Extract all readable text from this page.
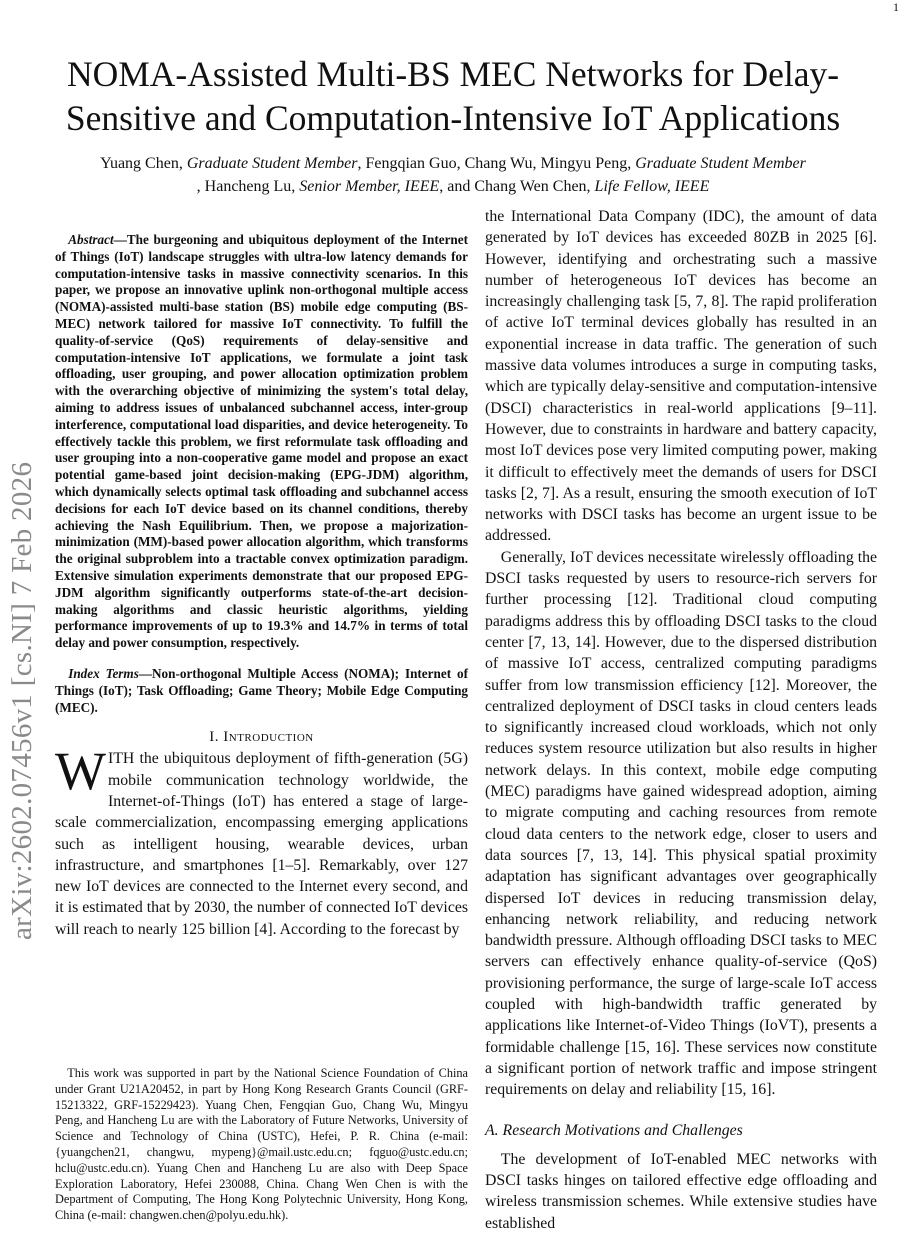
1
arXiv:2602.07456v1 [cs.NI] 7 Feb 2026
NOMA-Assisted Multi-BS MEC Networks for Delay-Sensitive and Computation-Intensive IoT Applications
Yuang Chen, Graduate Student Member, Fengqian Guo, Chang Wu, Mingyu Peng, Graduate Student Member
, Hancheng Lu, Senior Member, IEEE, and Chang Wen Chen, Life Fellow, IEEE

Abstract—The burgeoning and ubiquitous deployment of the Internet of Things (IoT) landscape struggles with ultra-low latency demands for computation-intensive tasks in massive connectivity scenarios. In this paper, we propose an innovative uplink non-orthogonal multiple access (NOMA)-assisted multi-base station (BS) mobile edge computing (BS-MEC) network tailored for massive IoT connectivity. To fulfill the quality-of-service (QoS) requirements of delay-sensitive and computation-intensive IoT applications, we formulate a joint task offloading, user grouping, and power allocation optimization problem with the overarching objective of minimizing the system's total delay, aiming to address issues of unbalanced subchannel access, inter-group interference, computational load disparities, and device heterogeneity. To effectively tackle this problem, we first reformulate task offloading and user grouping into a non-cooperative game model and propose an exact potential game-based joint decision-making (EPG-JDM) algorithm, which dynamically selects optimal task offloading and subchannel access decisions for each IoT device based on its channel conditions, thereby achieving the Nash Equilibrium. Then, we propose a majorization-minimization (MM)-based power allocation algorithm, which transforms the original subproblem into a tractable convex optimization paradigm. Extensive simulation experiments demonstrate that our proposed EPG-JDM algorithm significantly outperforms state-of-the-art decision-making algorithms and classic heuristic algorithms, yielding performance improvements of up to 19.3% and 14.7% in terms of total delay and power consumption, respectively.

Index Terms—Non-orthogonal Multiple Access (NOMA); Internet of Things (IoT); Task Offloading; Game Theory; Mobile Edge Computing (MEC).

I. Introduction

WITH the ubiquitous deployment of fifth-generation (5G) mobile communication technology worldwide, the Internet-of-Things (IoT) has entered a stage of large-scale commercialization, encompassing emerging applications such as intelligent housing, wearable devices, urban infrastructure, and smartphones [1–5]. Remarkably, over 127 new IoT devices are connected to the Internet every second, and it is estimated that by 2030, the number of connected IoT devices will reach to nearly 125 billion [4]. According to the forecast by

This work was supported in part by the National Science Foundation of China under Grant U21A20452, in part by Hong Kong Research Grants Council (GRF-15213322, GRF-15229423). Yuang Chen, Fengqian Guo, Chang Wu, Mingyu Peng, and Hancheng Lu are with the Laboratory of Future Networks, University of Science and Technology of China (USTC), Hefei, P. R. China (e-mail: {yuangchen21, changwu, mypeng}@mail.ustc.edu.cn; fqguo@ustc.edu.cn; hclu@ustc.edu.cn). Yuang Chen and Hancheng Lu are also with Deep Space Exploration Laboratory, Hefei 230088, China. Chang Wen Chen is with the Department of Computing, The Hong Kong Polytechnic University, Hong Kong, China (e-mail: changwen.chen@polyu.edu.hk).

the International Data Company (IDC), the amount of data generated by IoT devices has exceeded 80ZB in 2025 [6]. However, identifying and orchestrating such a massive number of heterogeneous IoT devices has become an increasingly challenging task [5, 7, 8]. The rapid proliferation of active IoT terminal devices globally has resulted in an exponential increase in data traffic. The generation of such massive data volumes introduces a surge in computing tasks, which are typically delay-sensitive and computation-intensive (DSCI) characteristics in real-world applications [9–11]. However, due to constraints in hardware and battery capacity, most IoT devices pose very limited computing power, making it difficult to effectively meet the demands of users for DSCI tasks [2, 7]. As a result, ensuring the smooth execution of IoT networks with DSCI tasks has become an urgent issue to be addressed.

Generally, IoT devices necessitate wirelessly offloading the DSCI tasks requested by users to resource-rich servers for further processing [12]. Traditional cloud computing paradigms address this by offloading DSCI tasks to the cloud center [7, 13, 14]. However, due to the dispersed distribution of massive IoT access, centralized computing paradigms suffer from low transmission efficiency [12]. Moreover, the centralized deployment of DSCI tasks in cloud centers leads to significantly increased cloud workloads, which not only reduces system resource utilization but also results in higher network delays. In this context, mobile edge computing (MEC) paradigms have gained widespread adoption, aiming to migrate computing and caching resources from remote cloud data centers to the network edge, closer to users and data sources [7, 13, 14]. This physical spatial proximity adaptation has significant advantages over geographically dispersed IoT devices in reducing transmission delay, enhancing network reliability, and reducing network bandwidth pressure. Although offloading DSCI tasks to MEC servers can effectively enhance quality-of-service (QoS) provisioning performance, the surge of large-scale IoT access coupled with high-bandwidth traffic generated by applications like Internet-of-Video Things (IoVT), presents a formidable challenge [15, 16]. These services now constitute a significant portion of network traffic and impose stringent requirements on delay and reliability [15, 16].

A. Research Motivations and Challenges

The development of IoT-enabled MEC networks with DSCI tasks hinges on tailored effective edge offloading and wireless transmission schemes. While extensive studies have established
